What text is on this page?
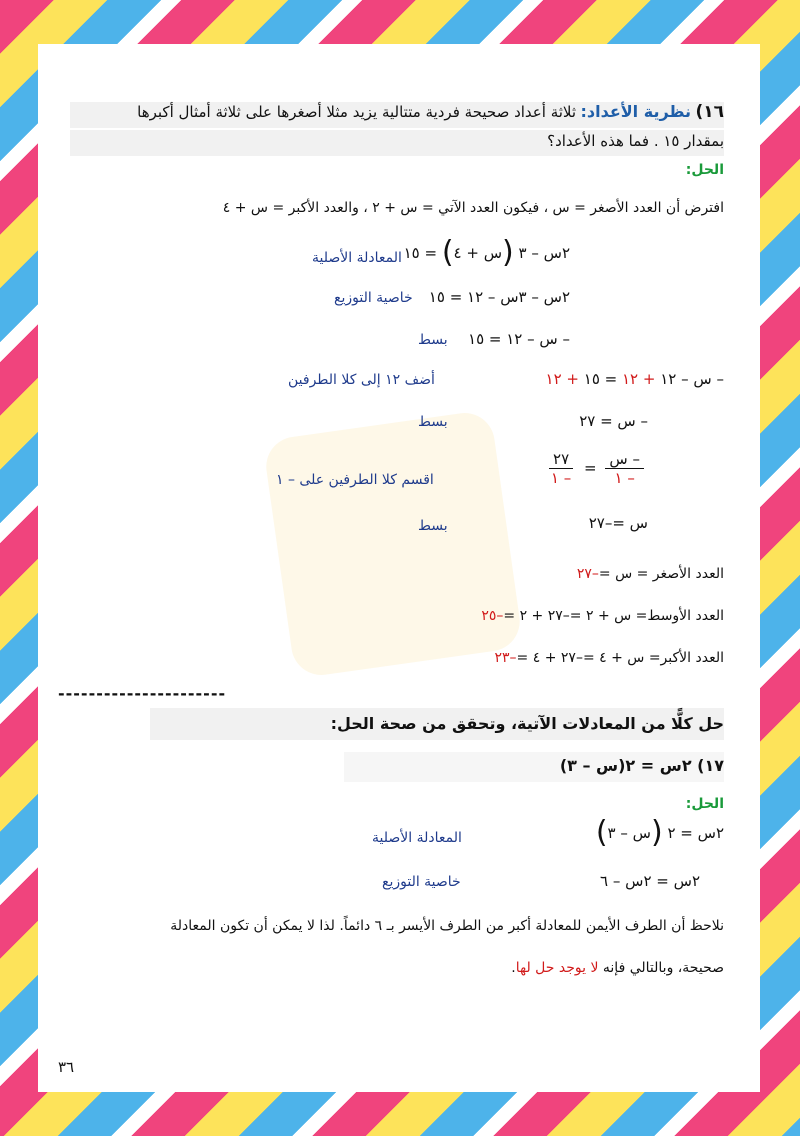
١٦) نظرية الأعداد: ثلاثة أعداد صحيحة فردية متتالية يزيد مثلا أصغرها على ثلاثة أمثال أكبرها
بمقدار ١٥ . فما هذه الأعداد؟
الحل:
افترض أن العدد الأصغر = س ، فيكون العدد الآتي = س + ٢ ، والعدد الأكبر = س + ٤
٢س – ٣ (س + ٤) = ١٥
المعادلة الأصلية
٢س – ٣س – ١٢ = ١٥
خاصية التوزيع
– س – ١٢ = ١٥
بسط
– س – ١٢ + ١٢ = ١٥ + ١٢
أضف ١٢ إلى كلا الطرفين
– س = ٢٧
بسط
$\frac{\text{– س}}{- ١}$
=
$\frac{٢٧}{- ١}$
اقسم كلا الطرفين على – ١
س =–٢٧
بسط
العدد الأصغر = س =–٢٧
العدد الأوسط= س + ٢ =–٢٧ + ٢ =–٢٥
العدد الأكبر= س + ٤ =–٢٧ + ٤ =–٢٣
----------------------
حل كلًّا من المعادلات الآتية، وتحقق من صحة الحل:
١٧) ٢س = ٢(س – ٣)
الحل:
٢س = ٢ (س – ٣)
المعادلة الأصلية
٢س = ٢س – ٦
خاصية التوزيع
نلاحظ أن الطرف الأيمن للمعادلة أكبر من الطرف الأيسر بـ ٦ دائماً. لذا لا يمكن أن تكون المعادلة
صحيحة، وبالتالي فإنه لا يوجد حل لها.
٣٦
